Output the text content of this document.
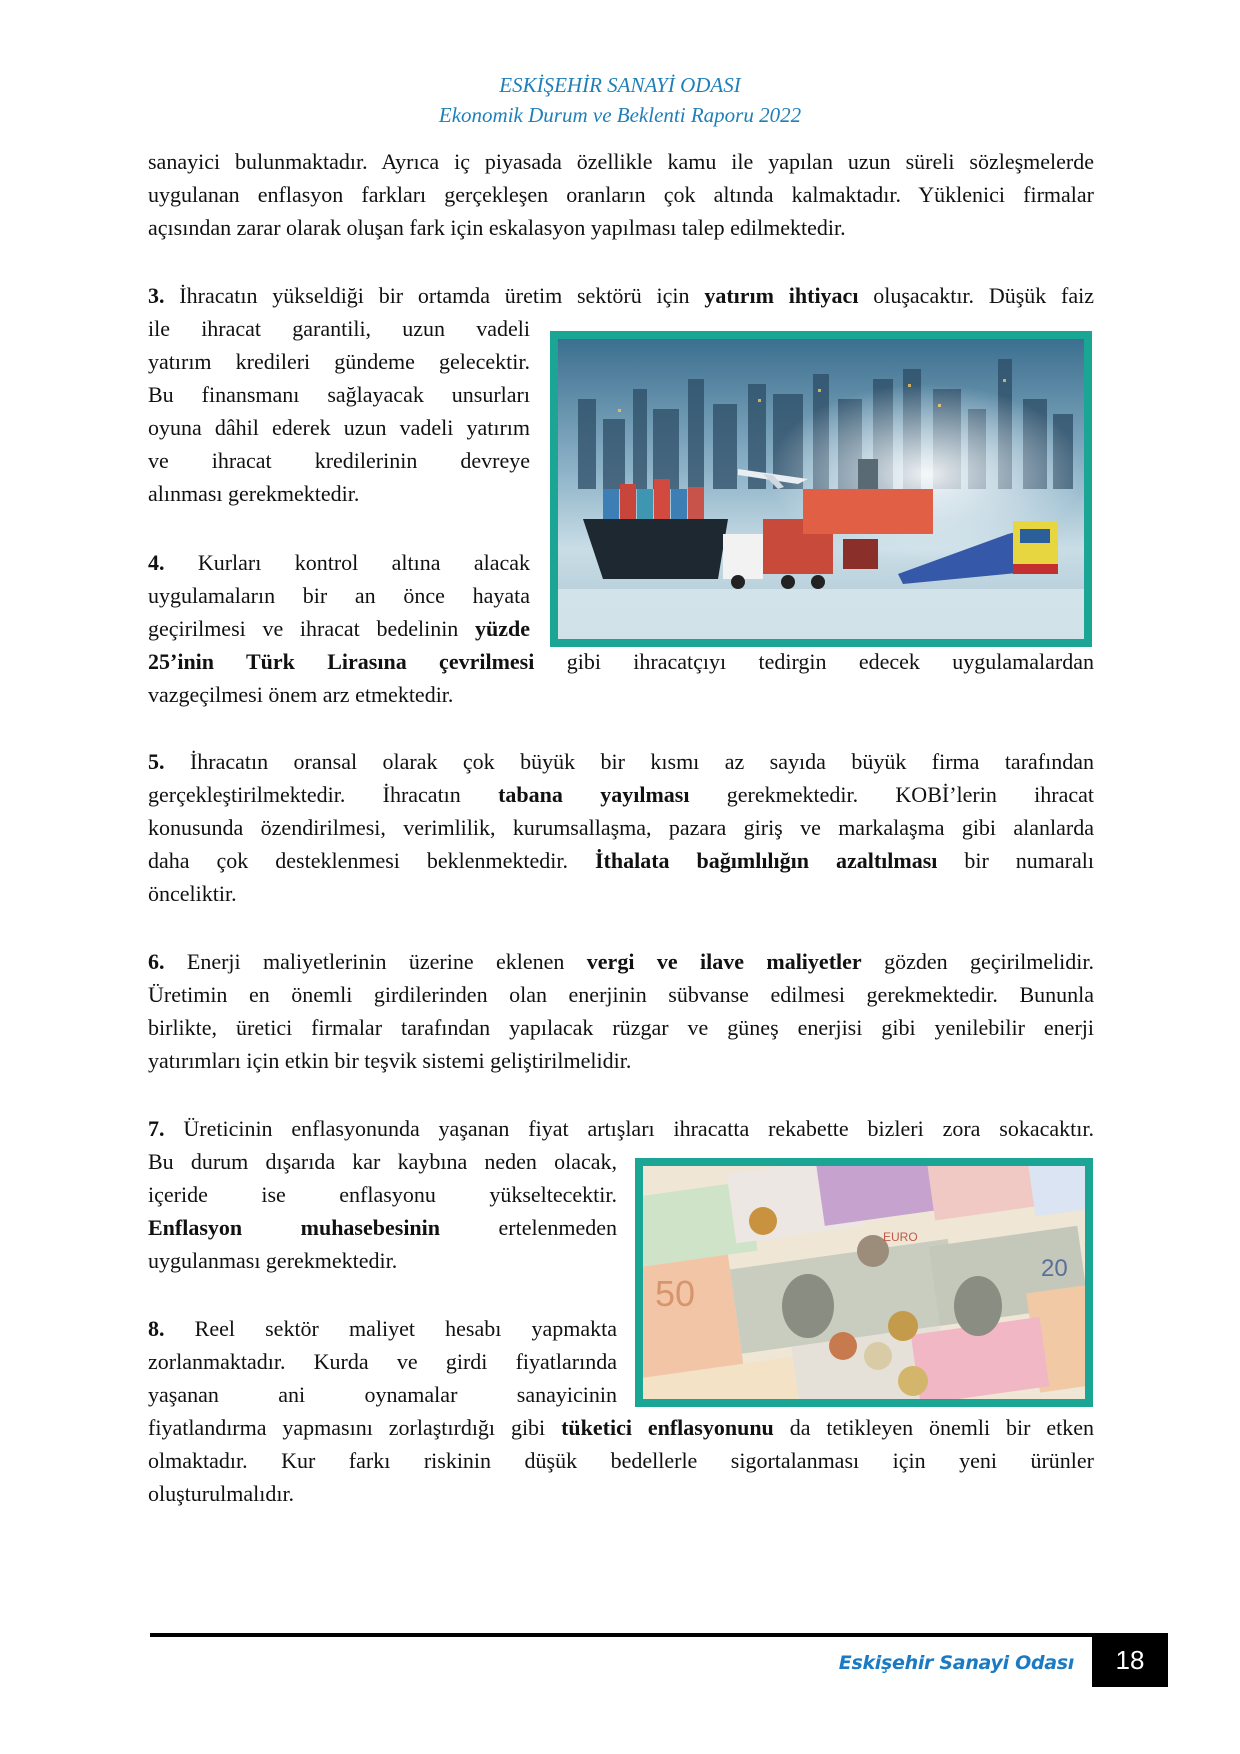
ESKİŞEHİR SANAYİ ODASI
Ekonomik Durum ve Beklenti Raporu 2022
sanayici bulunmaktadır. Ayrıca iç piyasada özellikle kamu ile yapılan uzun süreli sözleşmelerde
uygulanan enflasyon farkları gerçekleşen oranların çok altında kalmaktadır. Yüklenici firmalar
açısından zarar olarak oluşan fark için eskalasyon yapılması talep edilmektedir.
3. İhracatın yükseldiği bir ortamda üretim sektörü için yatırım ihtiyacı oluşacaktır. Düşük faiz
ile ihracat garantili, uzun vadeli
yatırım kredileri gündeme gelecektir.
Bu finansmanı sağlayacak unsurları
oyuna dâhil ederek uzun vadeli yatırım
ve ihracat kredilerinin devreye
alınması gerekmektedir.
4. Kurları kontrol altına alacak
uygulamaların bir an önce hayata
geçirilmesi ve ihracat bedelinin yüzde
25’inin Türk Lirasına çevrilmesi gibi ihracatçıyı tedirgin edecek uygulamalardan
vazgeçilmesi önem arz etmektedir.
5. İhracatın oransal olarak çok büyük bir kısmı az sayıda büyük firma tarafından
gerçekleştirilmektedir. İhracatın tabana yayılması gerekmektedir. KOBİ’lerin ihracat
konusunda özendirilmesi, verimlilik, kurumsallaşma, pazara giriş ve markalaşma gibi alanlarda
daha çok desteklenmesi beklenmektedir. İthalata bağımlılığın azaltılması bir numaralı
önceliktir.
6. Enerji maliyetlerinin üzerine eklenen vergi ve ilave maliyetler gözden geçirilmelidir.
Üretimin en önemli girdilerinden olan enerjinin sübvanse edilmesi gerekmektedir. Bununla
birlikte, üretici firmalar tarafından yapılacak rüzgar ve güneş enerjisi gibi yenilebilir enerji
yatırımları için etkin bir teşvik sistemi geliştirilmelidir.
7. Üreticinin enflasyonunda yaşanan fiyat artışları ihracatta rekabette bizleri zora sokacaktır.
Bu durum dışarıda kar kaybına neden olacak,
içeride ise enflasyonu yükseltecektir.
Enflasyon muhasebesinin	ertelenmeden
uygulanması gerekmektedir.
50
20
EURO
8. Reel sektör maliyet hesabı yapmakta
zorlanmaktadır. Kurda ve girdi fiyatlarında
yaşanan ani oynamalar sanayicinin
fiyatlandırma yapmasını zorlaştırdığı gibi tüketici enflasyonunu da tetikleyen önemli bir etken
olmaktadır. Kur farkı riskinin düşük bedellerle sigortalanması için yeni ürünler
oluşturulmalıdır.
Eskişehir Sanayi Odası	18
